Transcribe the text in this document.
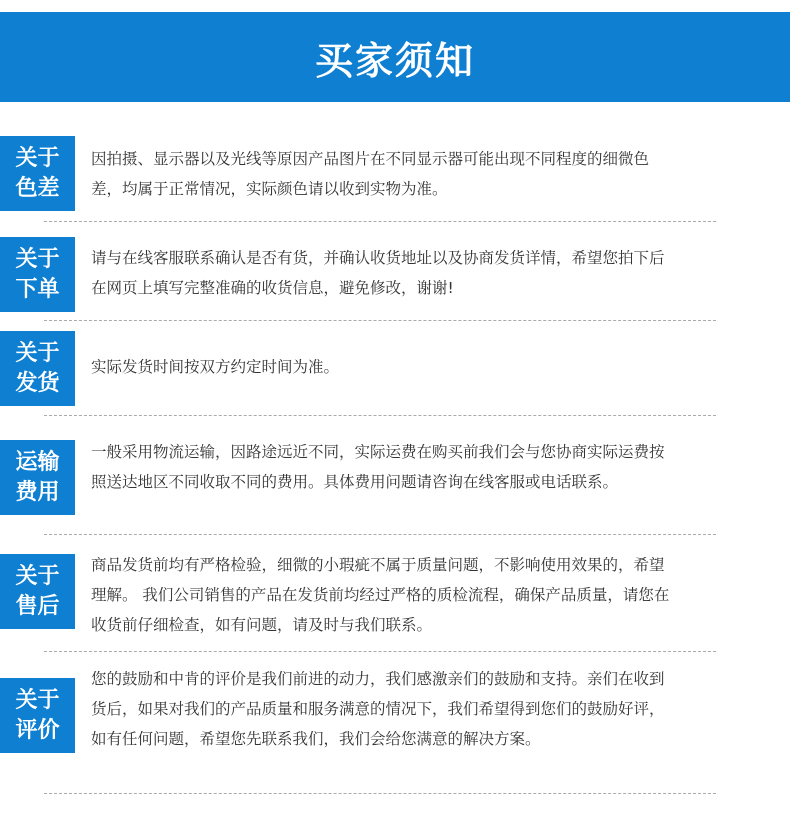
买家须知
关于
色差
因拍摄、显示器以及光线等原因产品图片在不同显示器可能出现不同程度的细微色差，均属于正常情况，实际颜色请以收到实物为准。
关于
下单
请与在线客服联系确认是否有货，并确认收货地址以及协商发货详情，希望您拍下后在网页上填写完整准确的收货信息，避免修改，谢谢!
关于
发货
实际发货时间按双方约定时间为准。
运输
费用
一般采用物流运输，因路途远近不同，实际运费在购买前我们会与您协商实际运费按照送达地区不同收取不同的费用。具体费用问题请咨询在线客服或电话联系。
关于
售后
商品发货前均有严格检验，细微的小瑕疵不属于质量问题，不影响使用效果的，希望理解。 我们公司销售的产品在发货前均经过严格的质检流程，确保产品质量，请您在收货前仔细检查，如有问题，请及时与我们联系。
关于
评价
您的鼓励和中肯的评价是我们前进的动力，我们感激亲们的鼓励和支持。亲们在收到货后，如果对我们的产品质量和服务满意的情况下，我们希望得到您们的鼓励好评，如有任何问题，希望您先联系我们，我们会给您满意的解决方案。
